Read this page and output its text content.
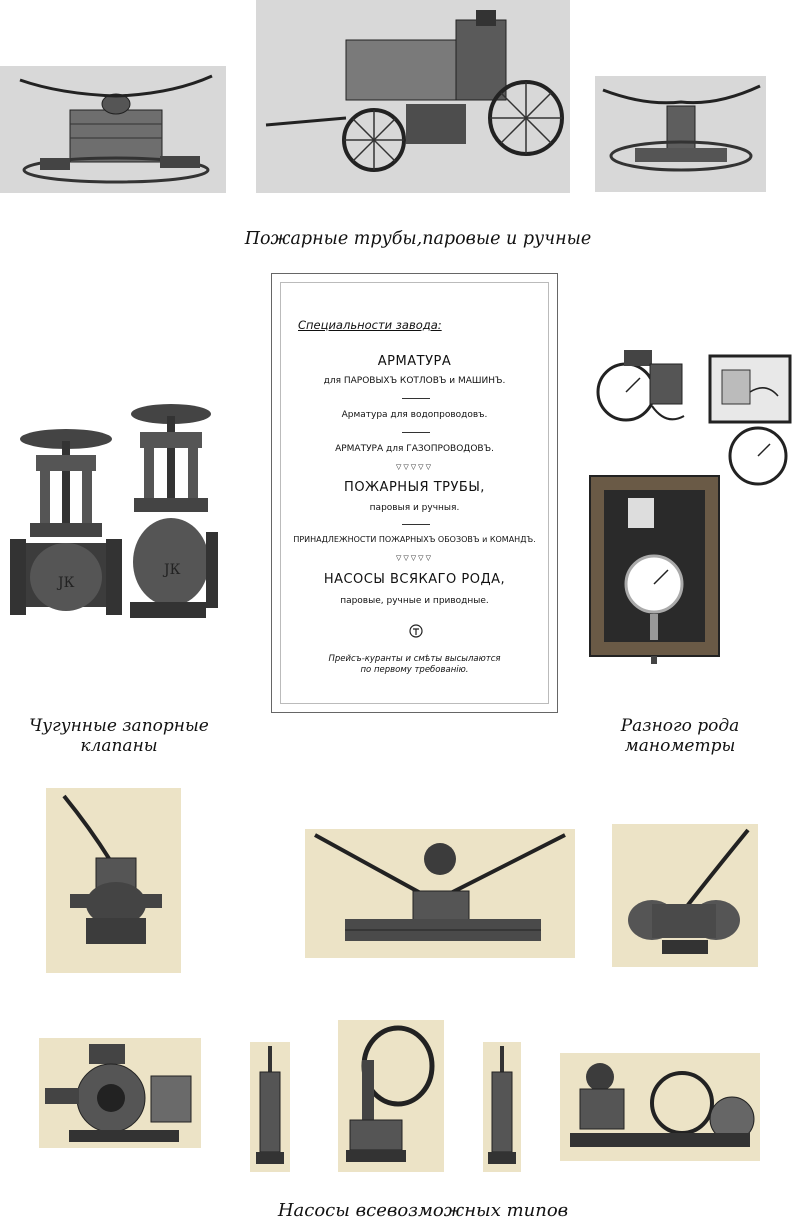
Пожарные трубы,паровые и ручные
ЈК
ЈК
Чугунные запорные
клапаны
Специальности завода:
АРМАТУРА
для ПАРОВЫХЪ КОТЛОВЪ и МАШИНЪ.
Арматура для водопроводовъ.
АРМАТУРА для ГАЗОПРОВОДОВЪ.
▽▽▽▽▽
ПОЖАРНЫЯ ТРУБЫ,
паровыя и ручныя.
ПРИНАДЛЕЖНОСТИ ПОЖАРНЫХЪ ОБОЗОВЪ и КОМАНДЪ.
▽▽▽▽▽
НАСОСЫ ВСЯКАГО РОДА,
паровые, ручные и приводные.
Прейсъ-куранты и смѣты высылаются
по первому требованію.
Разного рода
манометры
Насосы всевозможных типов
